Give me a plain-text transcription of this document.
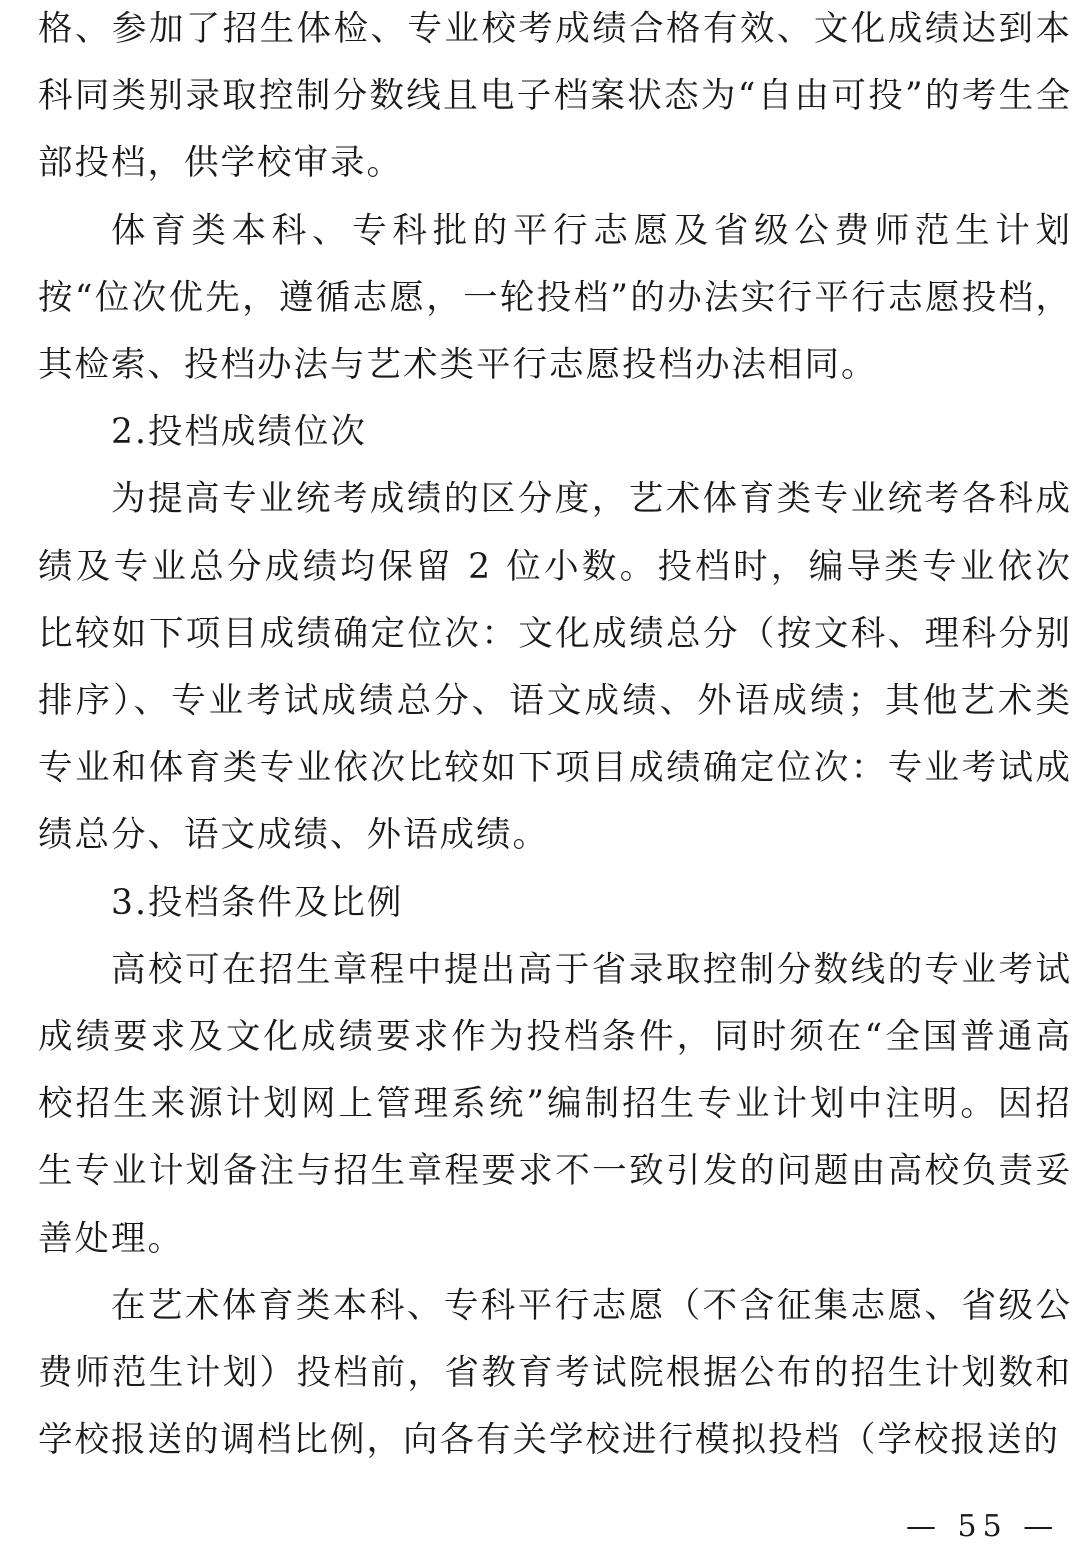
格、参加了招生体检、专业校考成绩合格有效、文化成绩达到本科同类别录取控制分数线且电子档案状态为“自由可投”的考生全部投档，供学校审录。

体育类本科、专科批的平行志愿及省级公费师范生计划按“位次优先，遵循志愿，一轮投档”的办法实行平行志愿投档，其检索、投档办法与艺术类平行志愿投档办法相同。

2.投档成绩位次

为提高专业统考成绩的区分度，艺术体育类专业统考各科成绩及专业总分成绩均保留 2 位小数。投档时，编导类专业依次比较如下项目成绩确定位次：文化成绩总分（按文科、理科分别排序）、专业考试成绩总分、语文成绩、外语成绩；其他艺术类专业和体育类专业依次比较如下项目成绩确定位次：专业考试成绩总分、语文成绩、外语成绩。

3.投档条件及比例

高校可在招生章程中提出高于省录取控制分数线的专业考试成绩要求及文化成绩要求作为投档条件，同时须在“全国普通高校招生来源计划网上管理系统”编制招生专业计划中注明。因招生专业计划备注与招生章程要求不一致引发的问题由高校负责妥善处理。

在艺术体育类本科、专科平行志愿（不含征集志愿、省级公费师范生计划）投档前，省教育考试院根据公布的招生计划数和学校报送的调档比例，向各有关学校进行模拟投档（学校报送的

— 55 —
